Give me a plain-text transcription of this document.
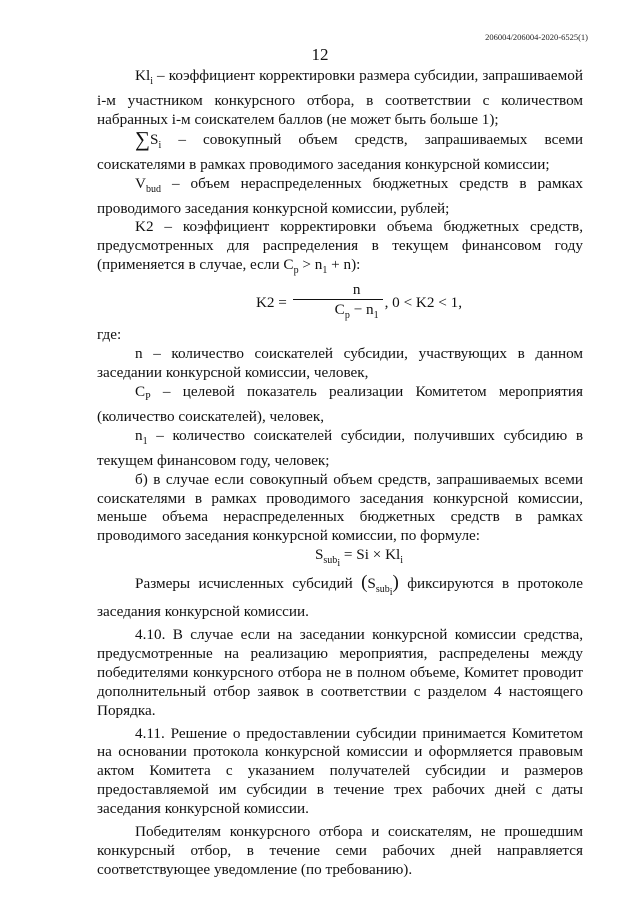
206004/206004-2020-6525(1)
12

$Kl_i$ – коэффициент корректировки размера субсидии, запрашиваемой i-м участником конкурсного отбора, в соответствии с количеством набранных i-м соискателем баллов (не может быть больше 1);

$\sum S_i$ – совокупный объем средств, запрашиваемых всеми соискателями в рамках проводимого заседания конкурсной комиссии;

$V_{bud}$ – объем нераспределенных бюджетных средств в рамках проводимого заседания конкурсной комиссии, рублей;

K2 – коэффициент корректировки объема бюджетных средств, предусмотренных для распределения в текущем финансовом году (применяется в случае, если $C_p > n_1 + n$):

$K2 = \frac{n}{C_p - n_1}$ , 0 < K2 < 1,

где:

n – количество соискателей субсидии, участвующих в данном заседании конкурсной комиссии, человек,

$C_P$ – целевой показатель реализации Комитетом мероприятия (количество соискателей), человек,

$n_1$ – количество соискателей субсидии, получивших субсидию в текущем финансовом году, человек;

б) в случае если совокупный объем средств, запрашиваемых всеми соискателями в рамках проводимого заседания конкурсной комиссии, меньше объема нераспределенных бюджетных средств в рамках проводимого заседания конкурсной комиссии, по формуле:

$S_{sub_i} = Si \times Kl_i$

Размеры исчисленных субсидий $(S_{sub_i})$ фиксируются в протоколе заседания конкурсной комиссии.

4.10. В случае если на заседании конкурсной комиссии средства, предусмотренные на реализацию мероприятия, распределены между победителями конкурсного отбора не в полном объеме, Комитет проводит дополнительный отбор заявок в соответствии с разделом 4 настоящего Порядка.

4.11. Решение о предоставлении субсидии принимается Комитетом на основании протокола конкурсной комиссии и оформляется правовым актом Комитета с указанием получателей субсидии и размеров предоставляемой им субсидии в течение трех рабочих дней с даты заседания конкурсной комиссии.

Победителям конкурсного отбора и соискателям, не прошедшим конкурсный отбор, в течение семи рабочих дней направляется соответствующее уведомление (по требованию).
